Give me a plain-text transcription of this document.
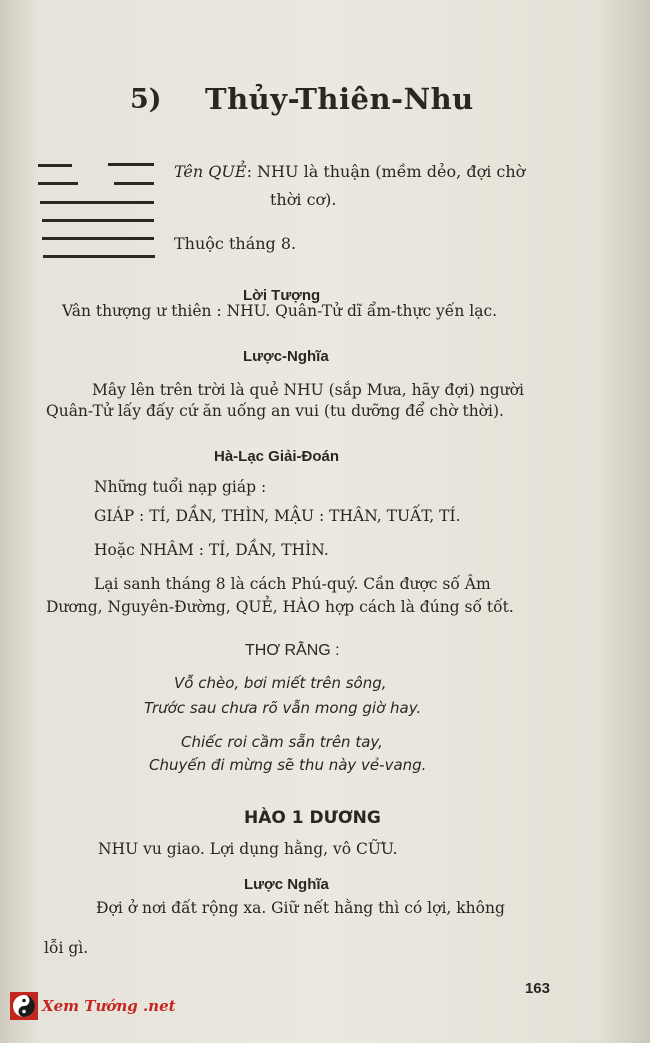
5) Thủy-Thiên-Nhu
Tên QUẺ: NHU là thuận (mềm dẻo, đợi chờ
thời cơ).
Thuộc tháng 8.
Lời Tượng
Vân thượng ư thiên : NHU. Quân-Tử dĩ ẩm-thực yến lạc.
Lược-Nghĩa
Mây lên trên trời là quẻ NHU (sắp Mưa, hãy đợi) người
Quân-Tử lấy đấy cứ ăn uống an vui (tu dưỡng để chờ thời).
Hà-Lạc Giải-Đoán
Những tuổi nạp giáp :
GIÁP : TÍ, DẦN, THÌN, MẬU : THÂN, TUẤT, TÍ.
Hoặc NHÂM : TÍ, DẦN, THÌN.
Lại sanh tháng 8 là cách Phú-quý. Cần được số Âm
Dương, Nguyên-Đường, QUẺ, HÀO hợp cách là đúng số tốt.
THƠ RẰNG :
Vỗ chèo, bơi miết trên sông,
Trước sau chưa rõ vẫn mong giờ hay.
Chiếc roi cầm sẵn trên tay,
Chuyến đi mừng sẽ thu này vẻ-vang.
HÀO 1 DƯƠNG
NHU vu giao. Lợi dụng hằng, vô CỮU.
Lược Nghĩa
Đợi ở nơi đất rộng xa. Giữ nết hằng thì có lợi, không
lỗi gì.
163
Xem Tướng .net
